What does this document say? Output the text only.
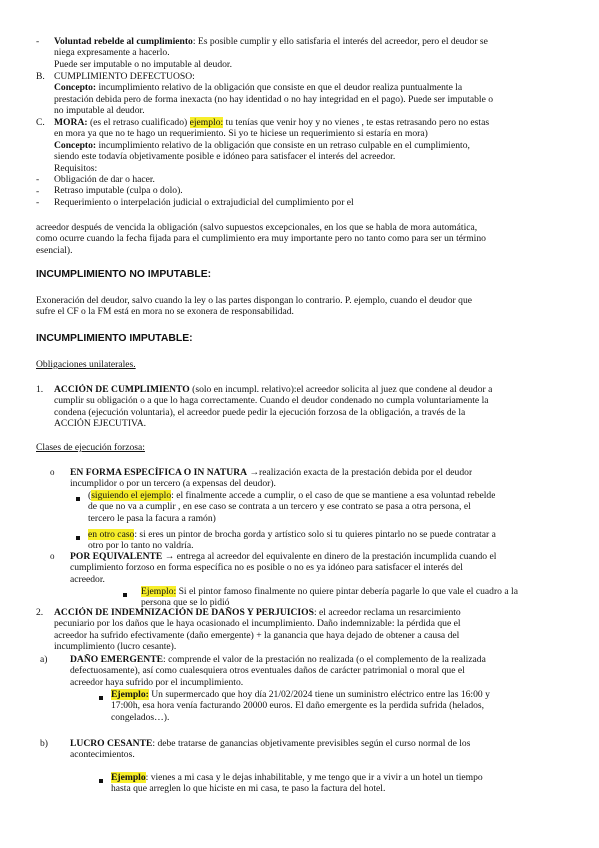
- Voluntad rebelde al cumplimiento: Es posible cumplir y ello satisfaria el interés del acreedor, pero el deudor se
niega expresamente a hacerlo.
Puede ser imputable o no imputable al deudor.
B. CUMPLIMIENTO DEFECTUOSO:
Concepto: incumplimiento relativo de la obligación que consiste en que el deudor realiza puntualmente la
prestación debida pero de forma inexacta (no hay identidad o no hay integridad en el pago). Puede ser imputable o
no imputable al deudor.
C. MORA: (es el retraso cualificado) ejemplo: tu tenías que venir hoy y no vienes , te estas retrasando pero no estas
en mora ya que no te hago un requerimiento. Si yo te hiciese un requerimiento si estaría en mora)
Concepto: incumplimiento relativo de la obligación que consiste en un retraso culpable en el cumplimiento,
siendo este todavía objetivamente posible e idóneo para satisfacer el interés del acreedor.
Requisitos:
-
-
-
Obligación de dar o hacer.
Retraso imputable (culpa o dolo).
Requerimiento o interpelación judicial o extrajudicial del cumplimiento por el
acreedor después de vencida la obligación (salvo supuestos excepcionales, en los que se habla de mora automática,
como ocurre cuando la fecha fijada para el cumplimiento era muy importante pero no tanto como para ser un término
esencial).
INCUMPLIMIENTO NO IMPUTABLE:
Exoneración del deudor, salvo cuando la ley o las partes dispongan lo contrario. P. ejemplo, cuando el deudor que
sufre el CF o la FM está en mora no se exonera de responsabilidad.
INCUMPLIMIENTO IMPUTABLE:
Obligaciones unilaterales.
1. ACCIÓN DE CUMPLIMIENTO (solo en incumpl. relativo):el acreedor solicita al juez que condene al deudor a
cumplir su obligación o a que lo haga correctamente. Cuando el deudor condenado no cumpla voluntariamente la
condena (ejecución voluntaria), el acreedor puede pedir la ejecución forzosa de la obligación, a través de la
ACCIÓN EJECUTIVA.
Clases de ejecución forzosa:
o EN FORMA ESPECÍFICA O IN NATURA →realización exacta de la prestación debida por el deudor
incumplidor o por un tercero (a expensas del deudor).
(siguiendo el ejemplo: el finalmente accede a cumplir, o el caso de que se mantiene a esa voluntad rebelde
de que no va a cumplir , en ese caso se contrata a un tercero y ese contrato se pasa a otra persona, el
tercero le pasa la facura a ramón)
en otro caso: si eres un pintor de brocha gorda y artístico solo si tu quieres pintarlo no se puede contratar a
otro por lo tanto no valdría.
o POR EQUIVALENTE → entrega al acreedor del equivalente en dinero de la prestación incumplida cuando el
cumplimiento forzoso en forma específica no es posible o no es ya idóneo para satisfacer el interés del
acreedor.
Ejemplo: Si el pintor famoso finalmente no quiere pintar debería pagarle lo que vale el cuadro a la
persona que se lo pidió
2. ACCIÓN DE INDEMNIZACIÓN DE DAÑOS Y PERJUICIOS: el acreedor reclama un resarcimiento
pecuniario por los daños que le haya ocasionado el incumplimiento. Daño indemnizable: la pérdida que el
acreedor ha sufrido efectivamente (daño emergente) + la ganancia que haya dejado de obtener a causa del
incumplimiento (lucro cesante).
a) DAÑO EMERGENTE: comprende el valor de la prestación no realizada (o el complemento de la realizada
defectuosamente), así como cualesquiera otros eventuales daños de carácter patrimonial o moral que el
acreedor haya sufrido por el incumplimiento.
Ejemplo: Un supermercado que hoy día 21/02/2024 tiene un suministro eléctrico entre las 16:00 y
17:00h, esa hora venía facturando 20000 euros. El daño emergente es la perdida sufrida (helados,
congelados…).
b) LUCRO CESANTE: debe tratarse de ganancias objetivamente previsibles según el curso normal de los
acontecimientos.
Ejemplo: vienes a mi casa y le dejas inhabilitable, y me tengo que ir a vivir a un hotel un tiempo
hasta que arreglen lo que hiciste en mi casa, te paso la factura del hotel.
